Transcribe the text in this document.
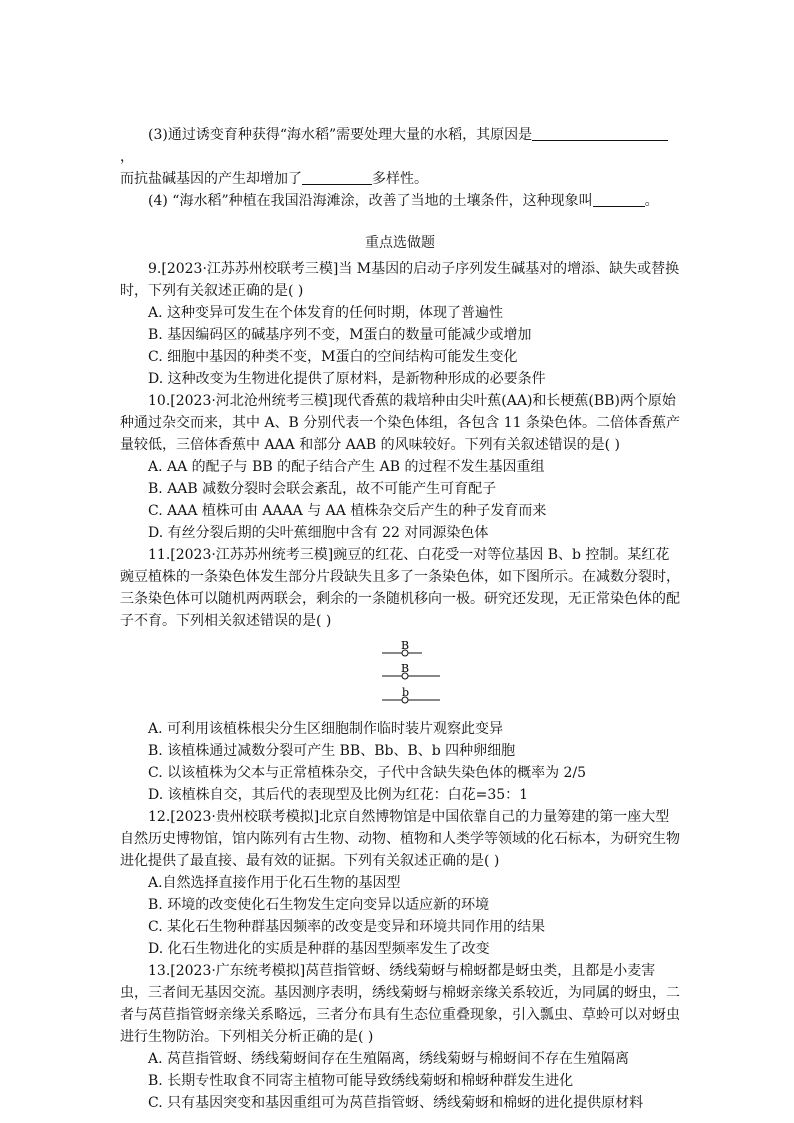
(3)通过诱变育种获得“海水稻”需要处理大量的水稻，其原因是，

而抗盐碱基因的产生却增加了	多样性。

(4) “海水稻”种植在我国沿海滩涂，改善了当地的土壤条件，这种现象叫	。

重点选做题

9.[2023·江苏苏州校联考三模]当 M基因的启动子序列发生碱基对的增添、缺失或替换时，下列有关叙述正确的是( )

A. 这种变异可发生在个体发育的任何时期，体现了普遍性

B. 基因编码区的碱基序列不变，M蛋白的数量可能减少或增加

C. 细胞中基因的种类不变，M蛋白的空间结构可能发生变化

D. 这种改变为生物进化提供了原材料，是新物种形成的必要条件

10.[2023·河北沧州统考三模]现代香蕉的栽培种由尖叶蕉(AA)和长梗蕉(BB)两个原始种通过杂交而来，其中 A、B 分别代表一个染色体组，各包含 11 条染色体。二倍体香蕉产量较低，三倍体香蕉中 AAA 和部分 AAB 的风味较好。下列有关叙述错误的是( )

A. AA 的配子与 BB 的配子结合产生 AB 的过程不发生基因重组

B. AAB 减数分裂时会联会紊乱，故不可能产生可育配子

C. AAA 植株可由 AAAA 与 AA 植株杂交后产生的种子发育而来

D. 有丝分裂后期的尖叶蕉细胞中含有 22 对同源染色体

11.[2023·江苏苏州统考三模]豌豆的红花、白花受一对等位基因 B、b 控制。某红花豌豆植株的一条染色体发生部分片段缺失且多了一条染色体，如下图所示。在减数分裂时，三条染色体可以随机两两联会，剩余的一条随机移向一极。研究还发现，无正常染色体的配子不育。下列相关叙述错误的是( )

B
B
b

A. 可利用该植株根尖分生区细胞制作临时装片观察此变异

B. 该植株通过减数分裂可产生 BB、Bb、B、b 四种卵细胞

C. 以该植株为父本与正常植株杂交，子代中含缺失染色体的概率为 2/5

D. 该植株自交，其后代的表现型及比例为红花：白花=35：1

12.[2023·贵州校联考模拟]北京自然博物馆是中国依靠自己的力量筹建的第一座大型自然历史博物馆，馆内陈列有古生物、动物、植物和人类学等领域的化石标本，为研究生物进化提供了最直接、最有效的证据。下列有关叙述正确的是( )

A.自然选择直接作用于化石生物的基因型

B. 环境的改变使化石生物发生定向变异以适应新的环境

C. 某化石生物种群基因频率的改变是变异和环境共同作用的结果

D. 化石生物进化的实质是种群的基因型频率发生了改变

13.[2023·广东统考模拟]莴苣指管蚜、绣线菊蚜与棉蚜都是蚜虫类，且都是小麦害虫，三者间无基因交流。基因测序表明，绣线菊蚜与棉蚜亲缘关系较近，为同属的蚜虫，二者与莴苣指管蚜亲缘关系略远，三者分布具有生态位重叠现象，引入瓢虫、草蛉可以对蚜虫进行生物防治。下列相关分析正确的是( )

A. 莴苣指管蚜、绣线菊蚜间存在生殖隔离，绣线菊蚜与棉蚜间不存在生殖隔离

B. 长期专性取食不同寄主植物可能导致绣线菊蚜和棉蚜种群发生进化

C. 只有基因突变和基因重组可为莴苣指管蚜、绣线菊蚜和棉蚜的进化提供原材料
